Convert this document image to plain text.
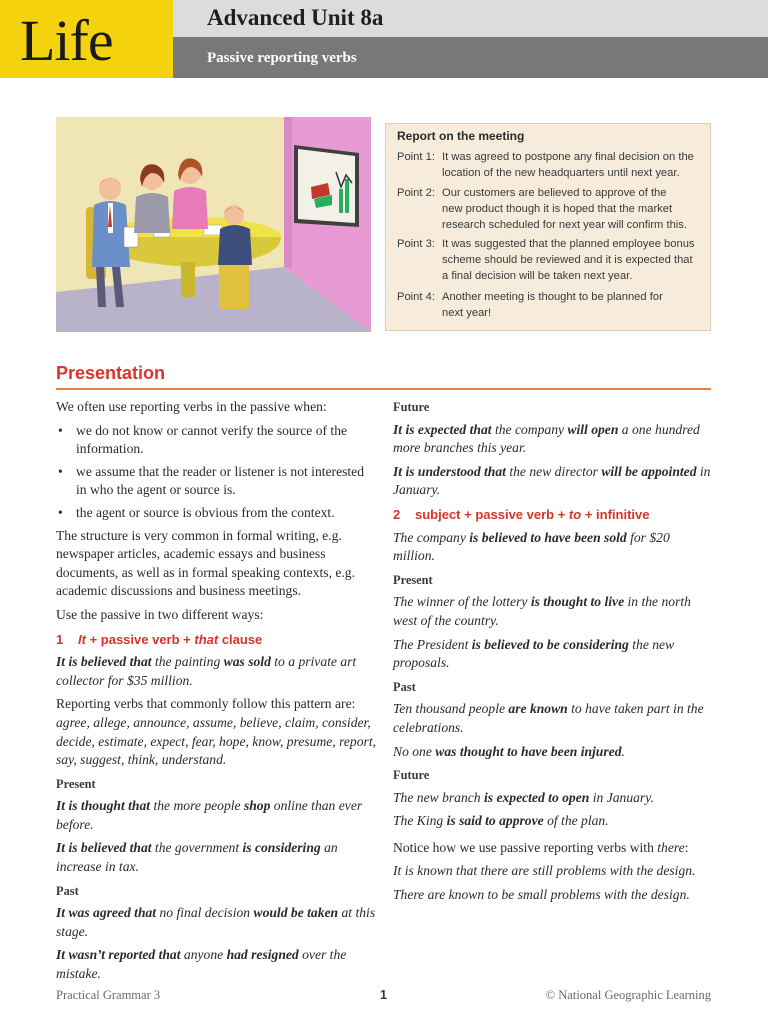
Life	Advanced Unit 8a
Passive reporting verbs
Report on the meeting
Point 1: It was agreed to postpone any final decision on the
location of the new headquarters until next year.
Point 2: Our customers are believed to approve of the
new product though it is hoped that the market
research scheduled for next year will confirm this.
Point 3: It was suggested that the planned employee bonus
scheme should be reviewed and it is expected that
a final decision will be taken next year.
Point 4: Another meeting is thought to be planned for
next year!
Presentation

We often use reporting verbs in the passive when:

• we do not know or cannot verify the source of the information.
• we assume that the reader or listener is not interested in who the agent or source is.
• the agent or source is obvious from the context.

The structure is very common in formal writing, e.g. newspaper articles, academic essays and business documents, as well as in formal speaking contexts, e.g. academic discussions and business meetings.

Use the passive in two different ways:

1 It + passive verb + that clause

It is believed that the painting was sold to a private art collector for $35 million.

Reporting verbs that commonly follow this pattern are: agree, allege, announce, assume, believe, claim, consider, decide, estimate, expect, fear, hope, know, presume, report, say, suggest, think, understand.

Present

It is thought that the more people shop online than ever before.

It is believed that the government is considering an increase in tax.

Past

It was agreed that no final decision would be taken at this stage.

It wasn’t reported that anyone had resigned over the mistake.

Future

It is expected that the company will open a one hundred more branches this year.

It is understood that the new director will be appointed in January.

2 subject + passive verb + to + infinitive

The company is believed to have been sold for $20 million.

Present

The winner of the lottery is thought to live in the north west of the country.

The President is believed to be considering the new proposals.

Past

Ten thousand people are known to have taken part in the celebrations.

No one was thought to have been injured.

Future

The new branch is expected to open in January.

The King is said to approve of the plan.

Notice how we use passive reporting verbs with there:

It is known that there are still problems with the design.

There are known to be small problems with the design.

Practical Grammar 3	1	© National Geographic Learning
